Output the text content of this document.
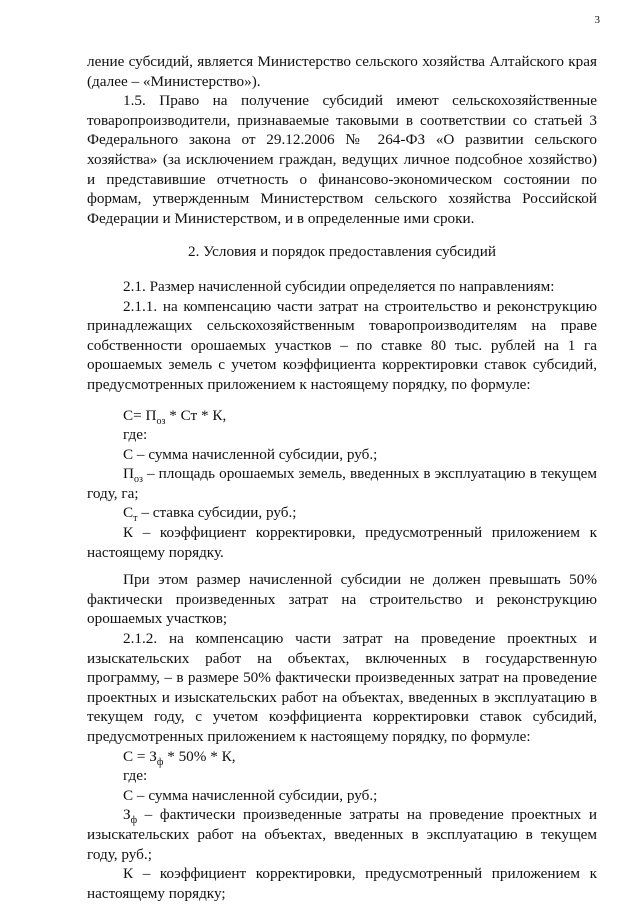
3

ление субсидий, является Министерство сельского хозяйства Алтайского края (далее – «Министерство»).

1.5. Право на получение субсидий имеют сельскохозяйственные товаропроизводители, признаваемые таковыми в соответствии со статьей 3 Федерального закона от 29.12.2006 № 264-ФЗ «О развитии сельского хозяйства» (за исключением граждан, ведущих личное подсобное хозяйство) и представившие отчетность о финансово-экономическом состоянии по формам, утвержденным Министерством сельского хозяйства Российской Федерации и Министерством, и в определенные ими сроки.

2. Условия и порядок предоставления субсидий

2.1. Размер начисленной субсидии определяется по направлениям:

2.1.1. на компенсацию части затрат на строительство и реконструкцию принадлежащих сельскохозяйственным товаропроизводителям на праве собственности орошаемых участков – по ставке 80 тыс. рублей на 1 га орошаемых земель с учетом коэффициента корректировки ставок субсидий, предусмотренных приложением к настоящему порядку, по формуле:

$С= П_{оз}$ * Ст * К,

где:

С – сумма начисленной субсидии, руб.;

$П_{оз}$ – площадь орошаемых земель, введенных в эксплуатацию в текущем году, га;

$С_т$ – ставка субсидии, руб.;

К – коэффициент корректировки, предусмотренный приложением к настоящему порядку.

При этом размер начисленной субсидии не должен превышать 50% фактически произведенных затрат на строительство и реконструкцию орошаемых участков;

2.1.2. на компенсацию части затрат на проведение проектных и изыскательских работ на объектах, включенных в государственную программу, – в размере 50% фактически произведенных затрат на проведение проектных и изыскательских работ на объектах, введенных в эксплуатацию в текущем году, с учетом коэффициента корректировки ставок субсидий, предусмотренных приложением к настоящему порядку, по формуле:

$С = З_ф * 50\% * К$,

где:

С – сумма начисленной субсидии, руб.;

$З_ф$ – фактически произведенные затраты на проведение проектных и изыскательских работ на объектах, введенных в эксплуатацию в текущем году, руб.;

К – коэффициент корректировки, предусмотренный приложением к настоящему порядку;
